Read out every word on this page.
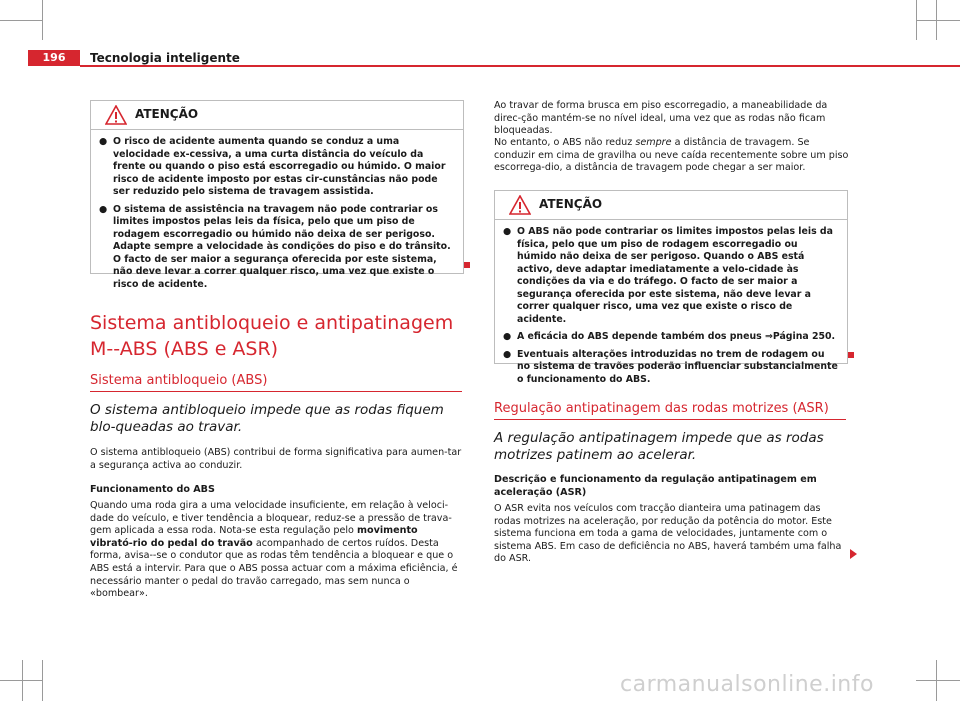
196	Tecnologia inteligente
ATENÇÃO
● O risco de acidente aumenta quando se conduz a uma velocidade ex-cessiva, a uma curta distância do veículo da frente ou quando o piso está escorregadio ou húmido. O maior risco de acidente imposto por estas cir-cunstâncias não pode ser reduzido pelo sistema de travagem assistida.
● O sistema de assistência na travagem não pode contrariar os limites impostos pelas leis da física, pelo que um piso de rodagem escorregadio ou húmido não deixa de ser perigoso. Adapte sempre a velocidade às condições do piso e do trânsito. O facto de ser maior a segurança oferecida por este sistema, não deve levar a correr qualquer risco, uma vez que existe o risco de acidente.
Sistema antibloqueio e antipatinagem M--ABS (ABS e ASR)
Sistema antibloqueio (ABS)
O sistema antibloqueio impede que as rodas fiquem blo-queadas ao travar.
O sistema antibloqueio (ABS) contribui de forma significativa para aumen-tar a segurança activa ao conduzir.
Funcionamento do ABS
Quando uma roda gira a uma velocidade insuficiente, em relação à veloci-dade do veículo, e tiver tendência a bloquear, reduz-se a pressão de trava-gem aplicada a essa roda. Nota-se esta regulação pelo movimento vibrató-rio do pedal do travão acompanhado de certos ruídos. Desta forma, avisa--se o condutor que as rodas têm tendência a bloquear e que o ABS está a intervir. Para que o ABS possa actuar com a máxima eficiência, é necessário manter o pedal do travão carregado, mas sem nunca o «bombear».
Ao travar de forma brusca em piso escorregadio, a maneabilidade da direc-ção mantém-se no nível ideal, uma vez que as rodas não ficam bloqueadas.
No entanto, o ABS não reduz sempre a distância de travagem. Se conduzir em cima de gravilha ou neve caída recentemente sobre um piso escorrega-dio, a distância de travagem pode chegar a ser maior.
ATENÇÃO
● O ABS não pode contrariar os limites impostos pelas leis da física, pelo que um piso de rodagem escorregadio ou húmido não deixa de ser perigoso. Quando o ABS está activo, deve adaptar imediatamente a velo-cidade às condições da via e do tráfego. O facto de ser maior a segurança oferecida por este sistema, não deve levar a correr qualquer risco, uma vez que existe o risco de acidente.
● A eficácia do ABS depende também dos pneus ⇒Página 250.
● Eventuais alterações introduzidas no trem de rodagem ou no sistema de travões poderão influenciar substancialmente o funcionamento do ABS.
Regulação antipatinagem das rodas motrizes (ASR)
A regulação antipatinagem impede que as rodas motrizes patinem ao acelerar.
Descrição e funcionamento da regulação antipatinagem em aceleração (ASR)
O ASR evita nos veículos com tracção dianteira uma patinagem das rodas motrizes na aceleração, por redução da potência do motor. Este sistema funciona em toda a gama de velocidades, juntamente com o sistema ABS. Em caso de deficiência no ABS, haverá também uma falha do ASR.
carmanualsonline.info
